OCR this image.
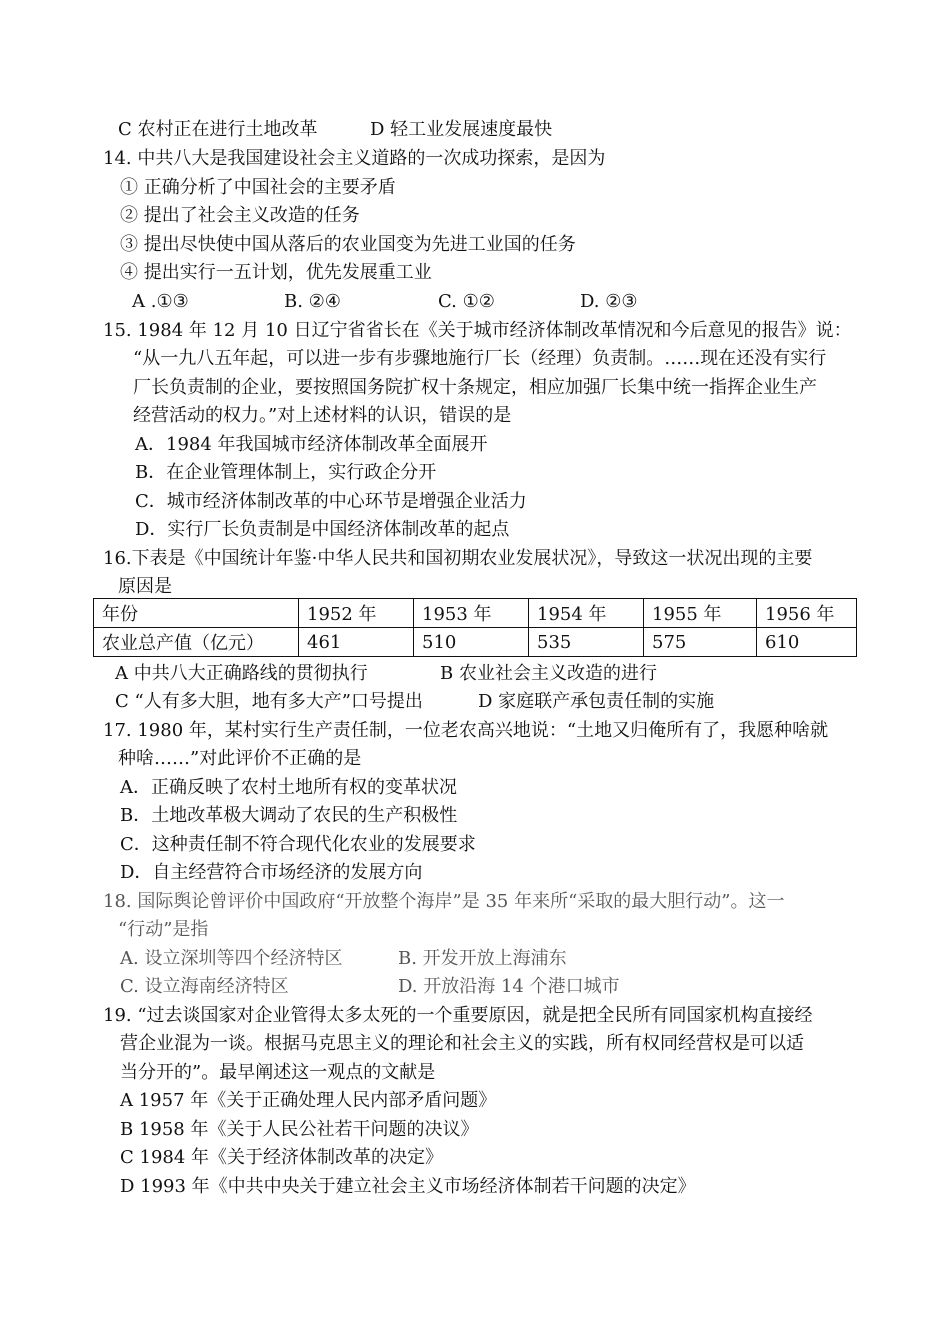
C 农村正在进行土地改革	D 轻工业发展速度最快
14. 中共八大是我国建设社会主义道路的一次成功探索，是因为
① 正确分析了中国社会的主要矛盾
② 提出了社会主义改造的任务
③ 提出尽快使中国从落后的农业国变为先进工业国的任务
④ 提出实行一五计划，优先发展重工业
A .①③	B. ②④	C. ①②	D. ②③
15. 1984 年 12 月 10 日辽宁省省长在《关于城市经济体制改革情况和今后意见的报告》说：
“从一九八五年起，可以进一步有步骤地施行厂长（经理）负责制。……现在还没有实行
厂长负责制的企业，要按照国务院扩权十条规定，相应加强厂长集中统一指挥企业生产
经营活动的权力。”对上述材料的认识，错误的是
A．1984 年我国城市经济体制改革全面展开
B．在企业管理体制上，实行政企分开
C．城市经济体制改革的中心环节是增强企业活力
D．实行厂长负责制是中国经济体制改革的起点
16.下表是《中国统计年鉴·中华人民共和国初期农业发展状况》，导致这一状况出现的主要
原因是
年份	1952 年	1953 年	1954 年	1955 年	1956 年
农业总产值（亿元）	461	510	535	575	610
A 中共八大正确路线的贯彻执行	B 农业社会主义改造的进行
C “人有多大胆，地有多大产”口号提出	D 家庭联产承包责任制的实施
17. 1980 年，某村实行生产责任制，一位老农高兴地说：“土地又归俺所有了，我愿种啥就
种啥……”对此评价不正确的是
A．正确反映了农村土地所有权的变革状况
B．土地改革极大调动了农民的生产积极性
C．这种责任制不符合现代化农业的发展要求
D．自主经营符合市场经济的发展方向
18. 国际舆论曾评价中国政府“开放整个海岸”是 35 年来所“采取的最大胆行动”。这一
“行动”是指
A. 设立深圳等四个经济特区	B. 开发开放上海浦东
C. 设立海南经济特区	D. 开放沿海 14 个港口城市
19. “过去谈国家对企业管得太多太死的一个重要原因，就是把全民所有同国家机构直接经
营企业混为一谈。根据马克思主义的理论和社会主义的实践，所有权同经营权是可以适
当分开的”。最早阐述这一观点的文献是
A 1957 年《关于正确处理人民内部矛盾问题》
B 1958 年《关于人民公社若干问题的决议》
C 1984 年《关于经济体制改革的决定》
D 1993 年《中共中央关于建立社会主义市场经济体制若干问题的决定》
